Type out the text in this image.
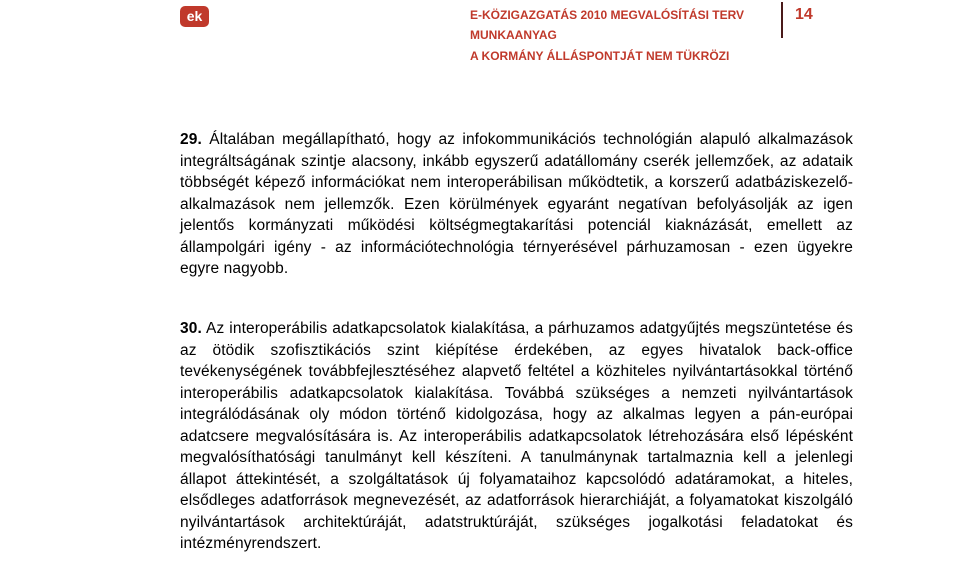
ek	E-KÖZIGAZGATÁS 2010 MEGVALÓSÍTÁSI TERV
MUNKAANYAG
A KORMÁNY ÁLLÁSPONTJÁT NEM TÜKRÖZI
14
29. Általában megállapítható, hogy az infokommunikációs technológián alapuló alkalmazások integráltságának szintje alacsony, inkább egyszerű adatállomány cserék jellemzőek, az adataik többségét képező információkat nem interoperábilisan működtetik, a korszerű adatbáziskezelő-alkalmazások nem jellemzők. Ezen körülmények egyaránt negatívan befolyásolják az igen jelentős kormányzati működési költségmegtakarítási potenciál kiaknázását, emellett az állampolgári igény - az információtechnológia térnyerésével párhuzamosan - ezen ügyekre egyre nagyobb.
30. Az interoperábilis adatkapcsolatok kialakítása, a párhuzamos adatgyűjtés megszüntetése és az ötödik szofisztikációs szint kiépítése érdekében, az egyes hivatalok back-office tevékenységének továbbfejlesztéséhez alapvető feltétel a közhiteles nyilvántartásokkal történő interoperábilis adatkapcsolatok kialakítása. Továbbá szükséges a nemzeti nyilvántartások integrálódásának oly módon történő kidolgozása, hogy az alkalmas legyen a pán-európai adatcsere megvalósítására is. Az interoperábilis adatkapcsolatok létrehozására első lépésként megvalósíthatósági tanulmányt kell készíteni. A tanulmánynak tartalmaznia kell a jelenlegi állapot áttekintését, a szolgáltatások új folyamataihoz kapcsolódó adatáramokat, a hiteles, elsődleges adatforrások megnevezését, az adatforrások hierarchiáját, a folyamatokat kiszolgáló nyilvántartások architektúráját, adatstruktúráját, szükséges jogalkotási feladatokat és intézményrendszert.
